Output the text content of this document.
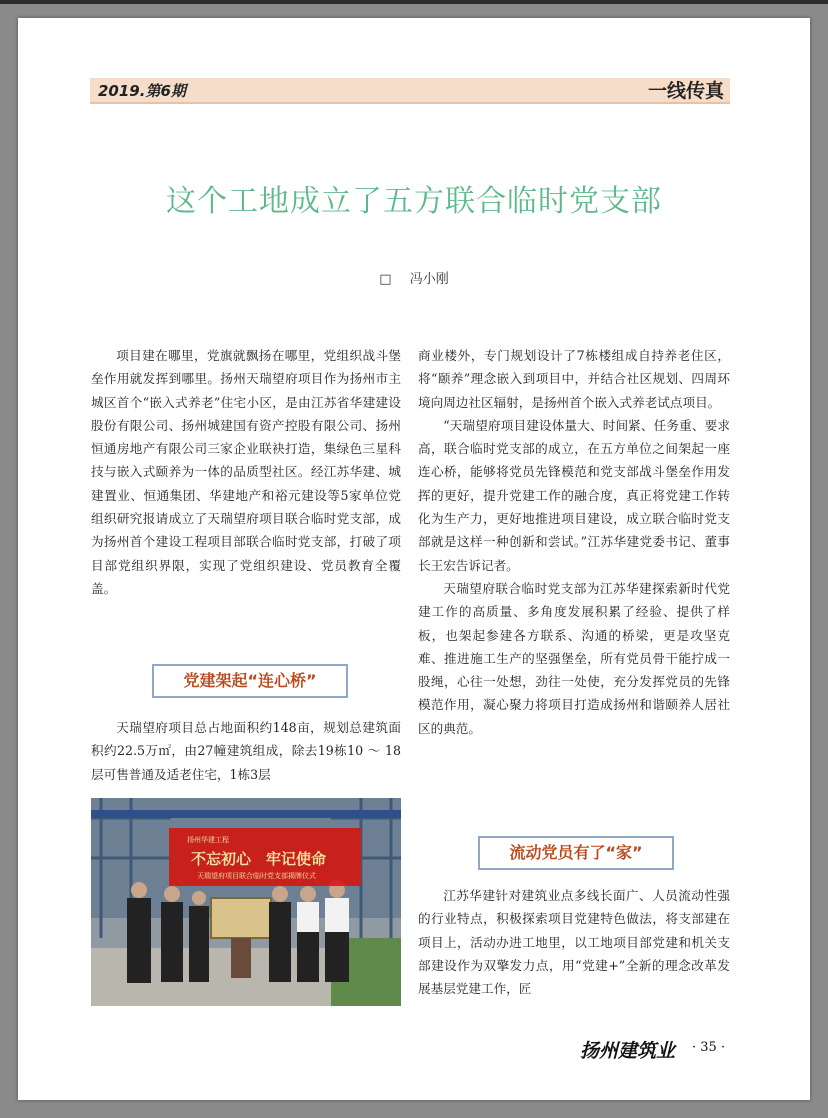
2019.第6期	一线传真
这个工地成立了五方联合临时党支部
□ 冯小刚

项目建在哪里，党旗就飘扬在哪里，党组织战斗堡垒作用就发挥到哪里。扬州天瑞望府项目作为扬州市主城区首个“嵌入式养老”住宅小区，是由江苏省华建建设股份有限公司、扬州城建国有资产控股有限公司、扬州恒通房地产有限公司三家企业联袂打造，集绿色三星科技与嵌入式颐养为一体的品质型社区。经江苏华建、城建置业、恒通集团、华建地产和裕元建设等5家单位党组织研究报请成立了天瑞望府项目联合临时党支部，成为扬州首个建设工程项目部联合临时党支部，打破了项目部党组织界限，实现了党组织建设、党员教育全覆盖。

党建架起“连心桥”

天瑞望府项目总占地面积约148亩，规划总建筑面积约22.5万㎡，由27幢建筑组成，除去19栋10 ～ 18层可售普通及适老住宅，1栋3层

扬州华建工程
不忘初心　牢记使命
天瑞望府项目联合临时党支部揭牌仪式

商业楼外，专门规划设计了7栋楼组成自持养老住区，将“颐养”理念嵌入到项目中，并结合社区规划、四周环境向周边社区辐射，是扬州首个嵌入式养老试点项目。

“天瑞望府项目建设体量大、时间紧、任务重、要求高，联合临时党支部的成立，在五方单位之间架起一座连心桥，能够将党员先锋模范和党支部战斗堡垒作用发挥的更好，提升党建工作的融合度，真正将党建工作转化为生产力，更好地推进项目建设，成立联合临时党支部就是这样一种创新和尝试。”江苏华建党委书记、董事长王宏告诉记者。

天瑞望府联合临时党支部为江苏华建探索新时代党建工作的高质量、多角度发展积累了经验、提供了样板，也架起参建各方联系、沟通的桥梁，更是攻坚克难、推进施工生产的坚强堡垒，所有党员骨干能拧成一股绳，心往一处想，劲往一处使，充分发挥党员的先锋模范作用，凝心聚力将项目打造成扬州和谐颐养人居社区的典范。

流动党员有了“家”

江苏华建针对建筑业点多线长面广、人员流动性强的行业特点，积极探索项目党建特色做法，将支部建在项目上，活动办进工地里，以工地项目部党建和机关支部建设作为双擎发力点，用“党建+”全新的理念改革发展基层党建工作，匠

扬州建筑业 · 35 ·
